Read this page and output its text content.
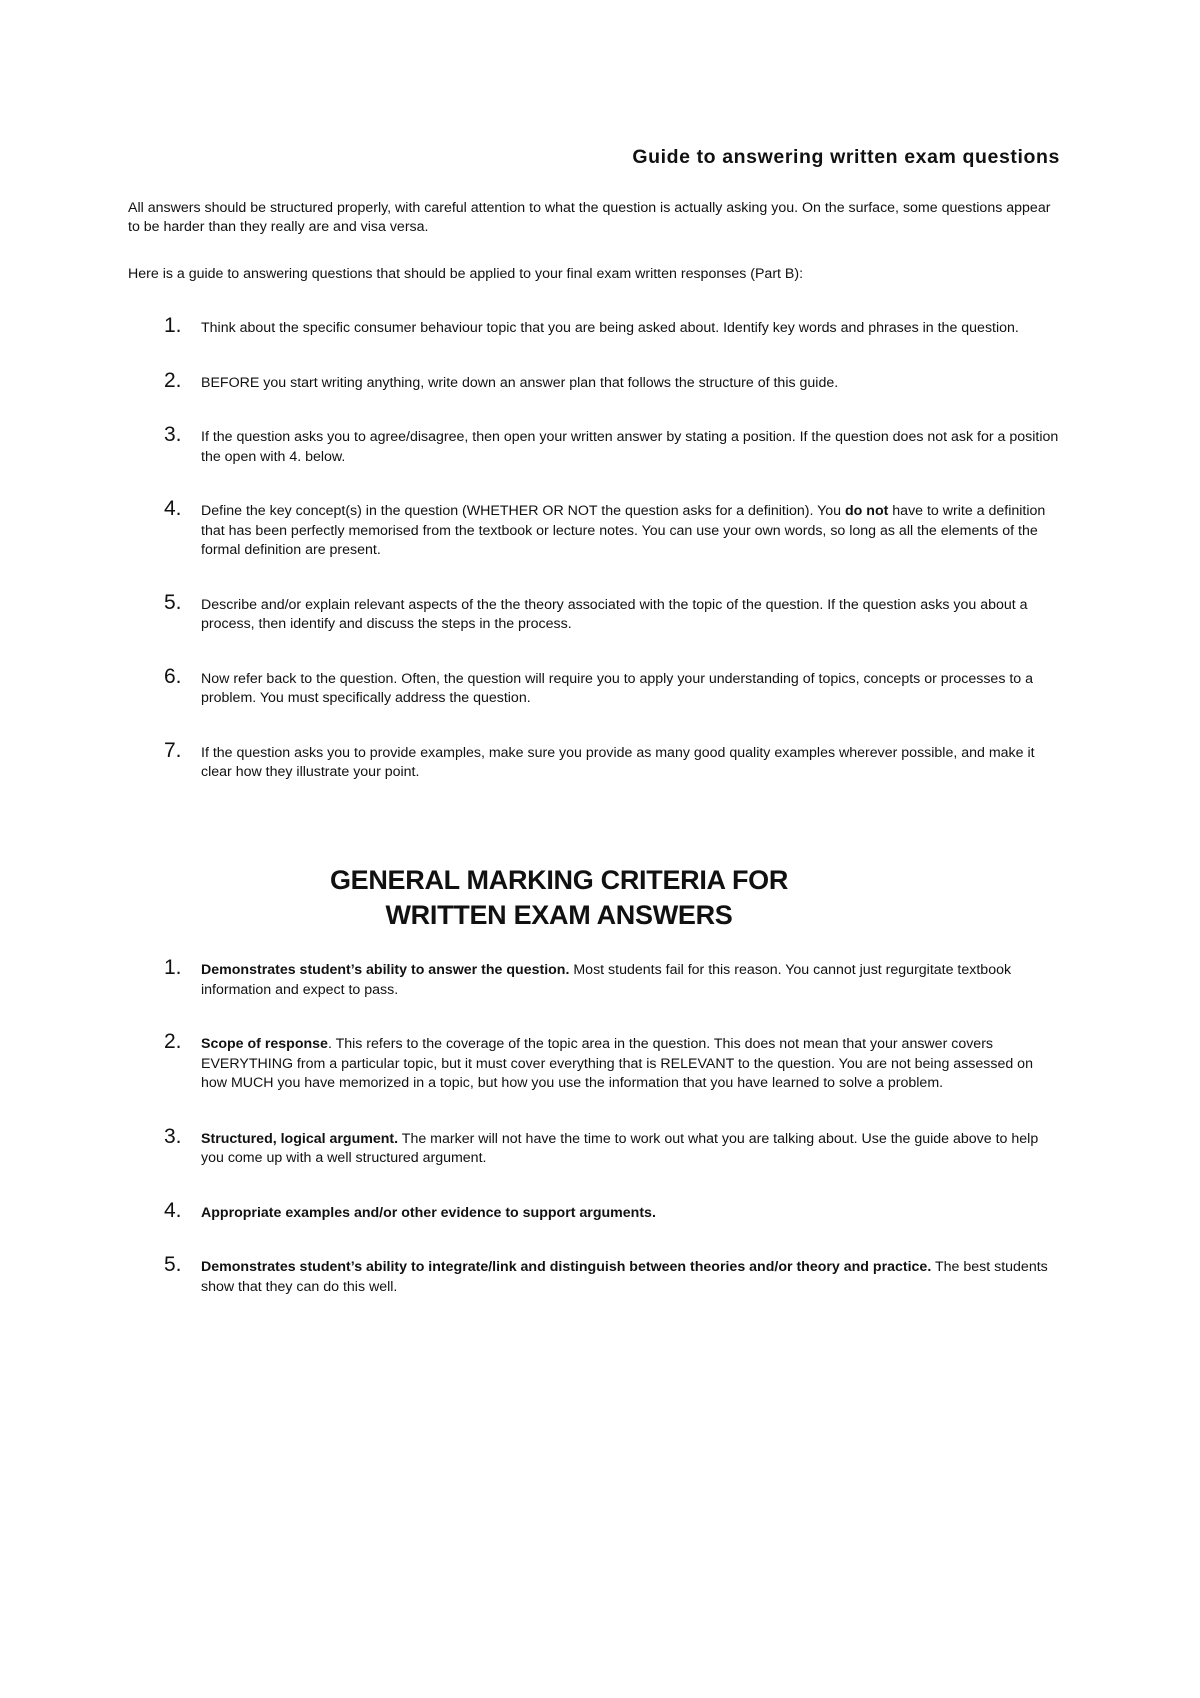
Guide to answering written exam questions

All answers should be structured properly, with careful attention to what the question is actually asking you. On the surface, some questions appear to be harder than they really are and visa versa.

Here is a guide to answering questions that should be applied to your final exam written responses (Part B):

1. Think about the specific consumer behaviour topic that you are being asked about. Identify key words and phrases in the question.
2. BEFORE you start writing anything, write down an answer plan that follows the structure of this guide.
3. If the question asks you to agree/disagree, then open your written answer by stating a position. If the question does not ask for a position the open with 4. below.
4. Define the key concept(s) in the question (WHETHER OR NOT the question asks for a definition). You do not have to write a definition that has been perfectly memorised from the textbook or lecture notes. You can use your own words, so long as all the elements of the formal definition are present.
5. Describe and/or explain relevant aspects of the the theory associated with the topic of the question. If the question asks you about a process, then identify and discuss the steps in the process.
6. Now refer back to the question. Often, the question will require you to apply your understanding of topics, concepts or processes to a problem. You must specifically address the question.
7. If the question asks you to provide examples, make sure you provide as many good quality examples wherever possible, and make it clear how they illustrate your point.
GENERAL MARKING CRITERIA FOR
WRITTEN EXAM ANSWERS
1. Demonstrates student’s ability to answer the question. Most students fail for this reason. You cannot just regurgitate textbook information and expect to pass.
2. Scope of response. This refers to the coverage of the topic area in the question. This does not mean that your answer covers EVERYTHING from a particular topic, but it must cover everything that is RELEVANT to the question. You are not being assessed on how MUCH you have memorized in a topic, but how you use the information that you have learned to solve a problem.
3. Structured, logical argument. The marker will not have the time to work out what you are talking about. Use the guide above to help you come up with a well structured argument.
4. Appropriate examples and/or other evidence to support arguments.
5. Demonstrates student’s ability to integrate/link and distinguish between theories and/or theory and practice. The best students show that they can do this well.
